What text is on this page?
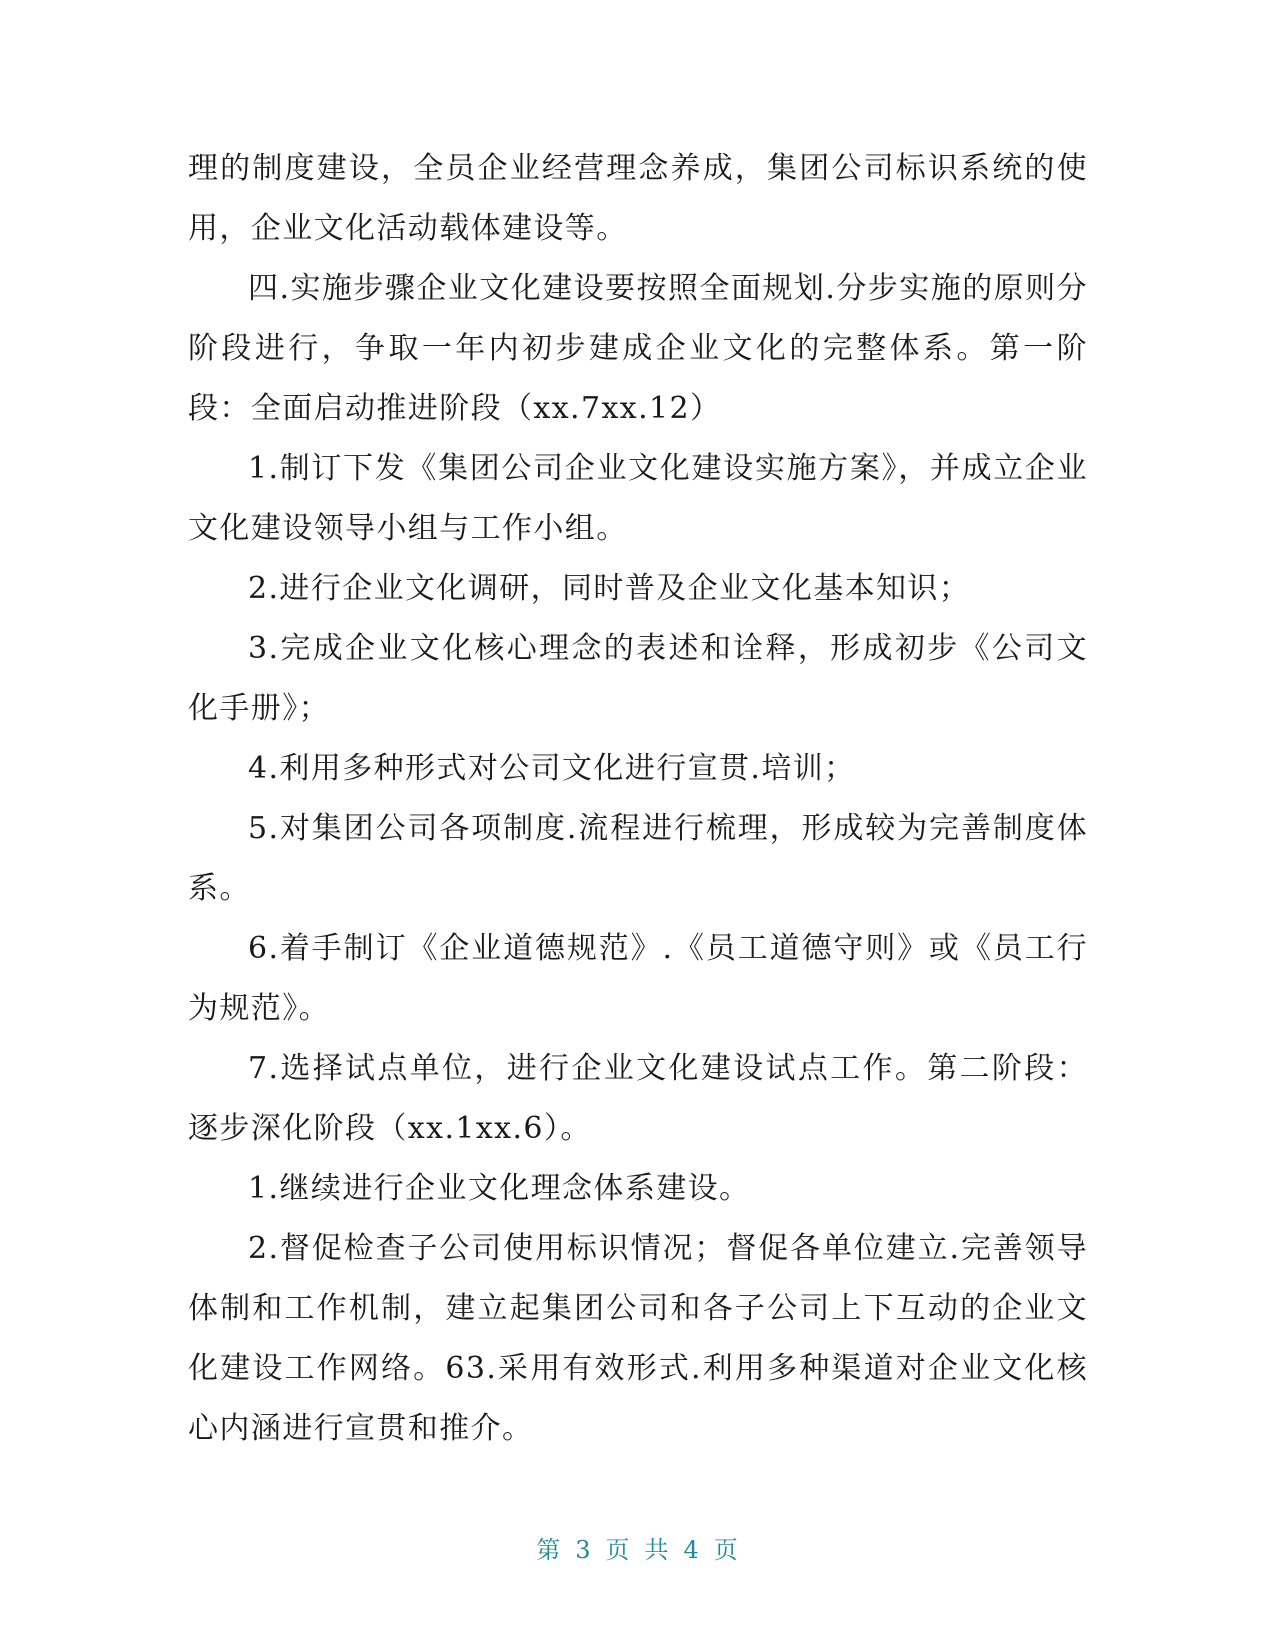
理的制度建设，全员企业经营理念养成，集团公司标识系统的使用，企业文化活动载体建设等。

四.实施步骤企业文化建设要按照全面规划.分步实施的原则分阶段进行，争取一年内初步建成企业文化的完整体系。第一阶段：全面启动推进阶段（xx.7xx.12）

1.制订下发《集团公司企业文化建设实施方案》，并成立企业文化建设领导小组与工作小组。

2.进行企业文化调研，同时普及企业文化基本知识；

3.完成企业文化核心理念的表述和诠释，形成初步《公司文化手册》；

4.利用多种形式对公司文化进行宣贯.培训；

5.对集团公司各项制度.流程进行梳理，形成较为完善制度体系。

6.着手制订《企业道德规范》.《员工道德守则》或《员工行为规范》。

7.选择试点单位，进行企业文化建设试点工作。第二阶段：逐步深化阶段（xx.1xx.6）。

1.继续进行企业文化理念体系建设。

2.督促检查子公司使用标识情况；督促各单位建立.完善领导体制和工作机制，建立起集团公司和各子公司上下互动的企业文化建设工作网络。63.采用有效形式.利用多种渠道对企业文化核心内涵进行宣贯和推介。

第 3 页 共 4 页
